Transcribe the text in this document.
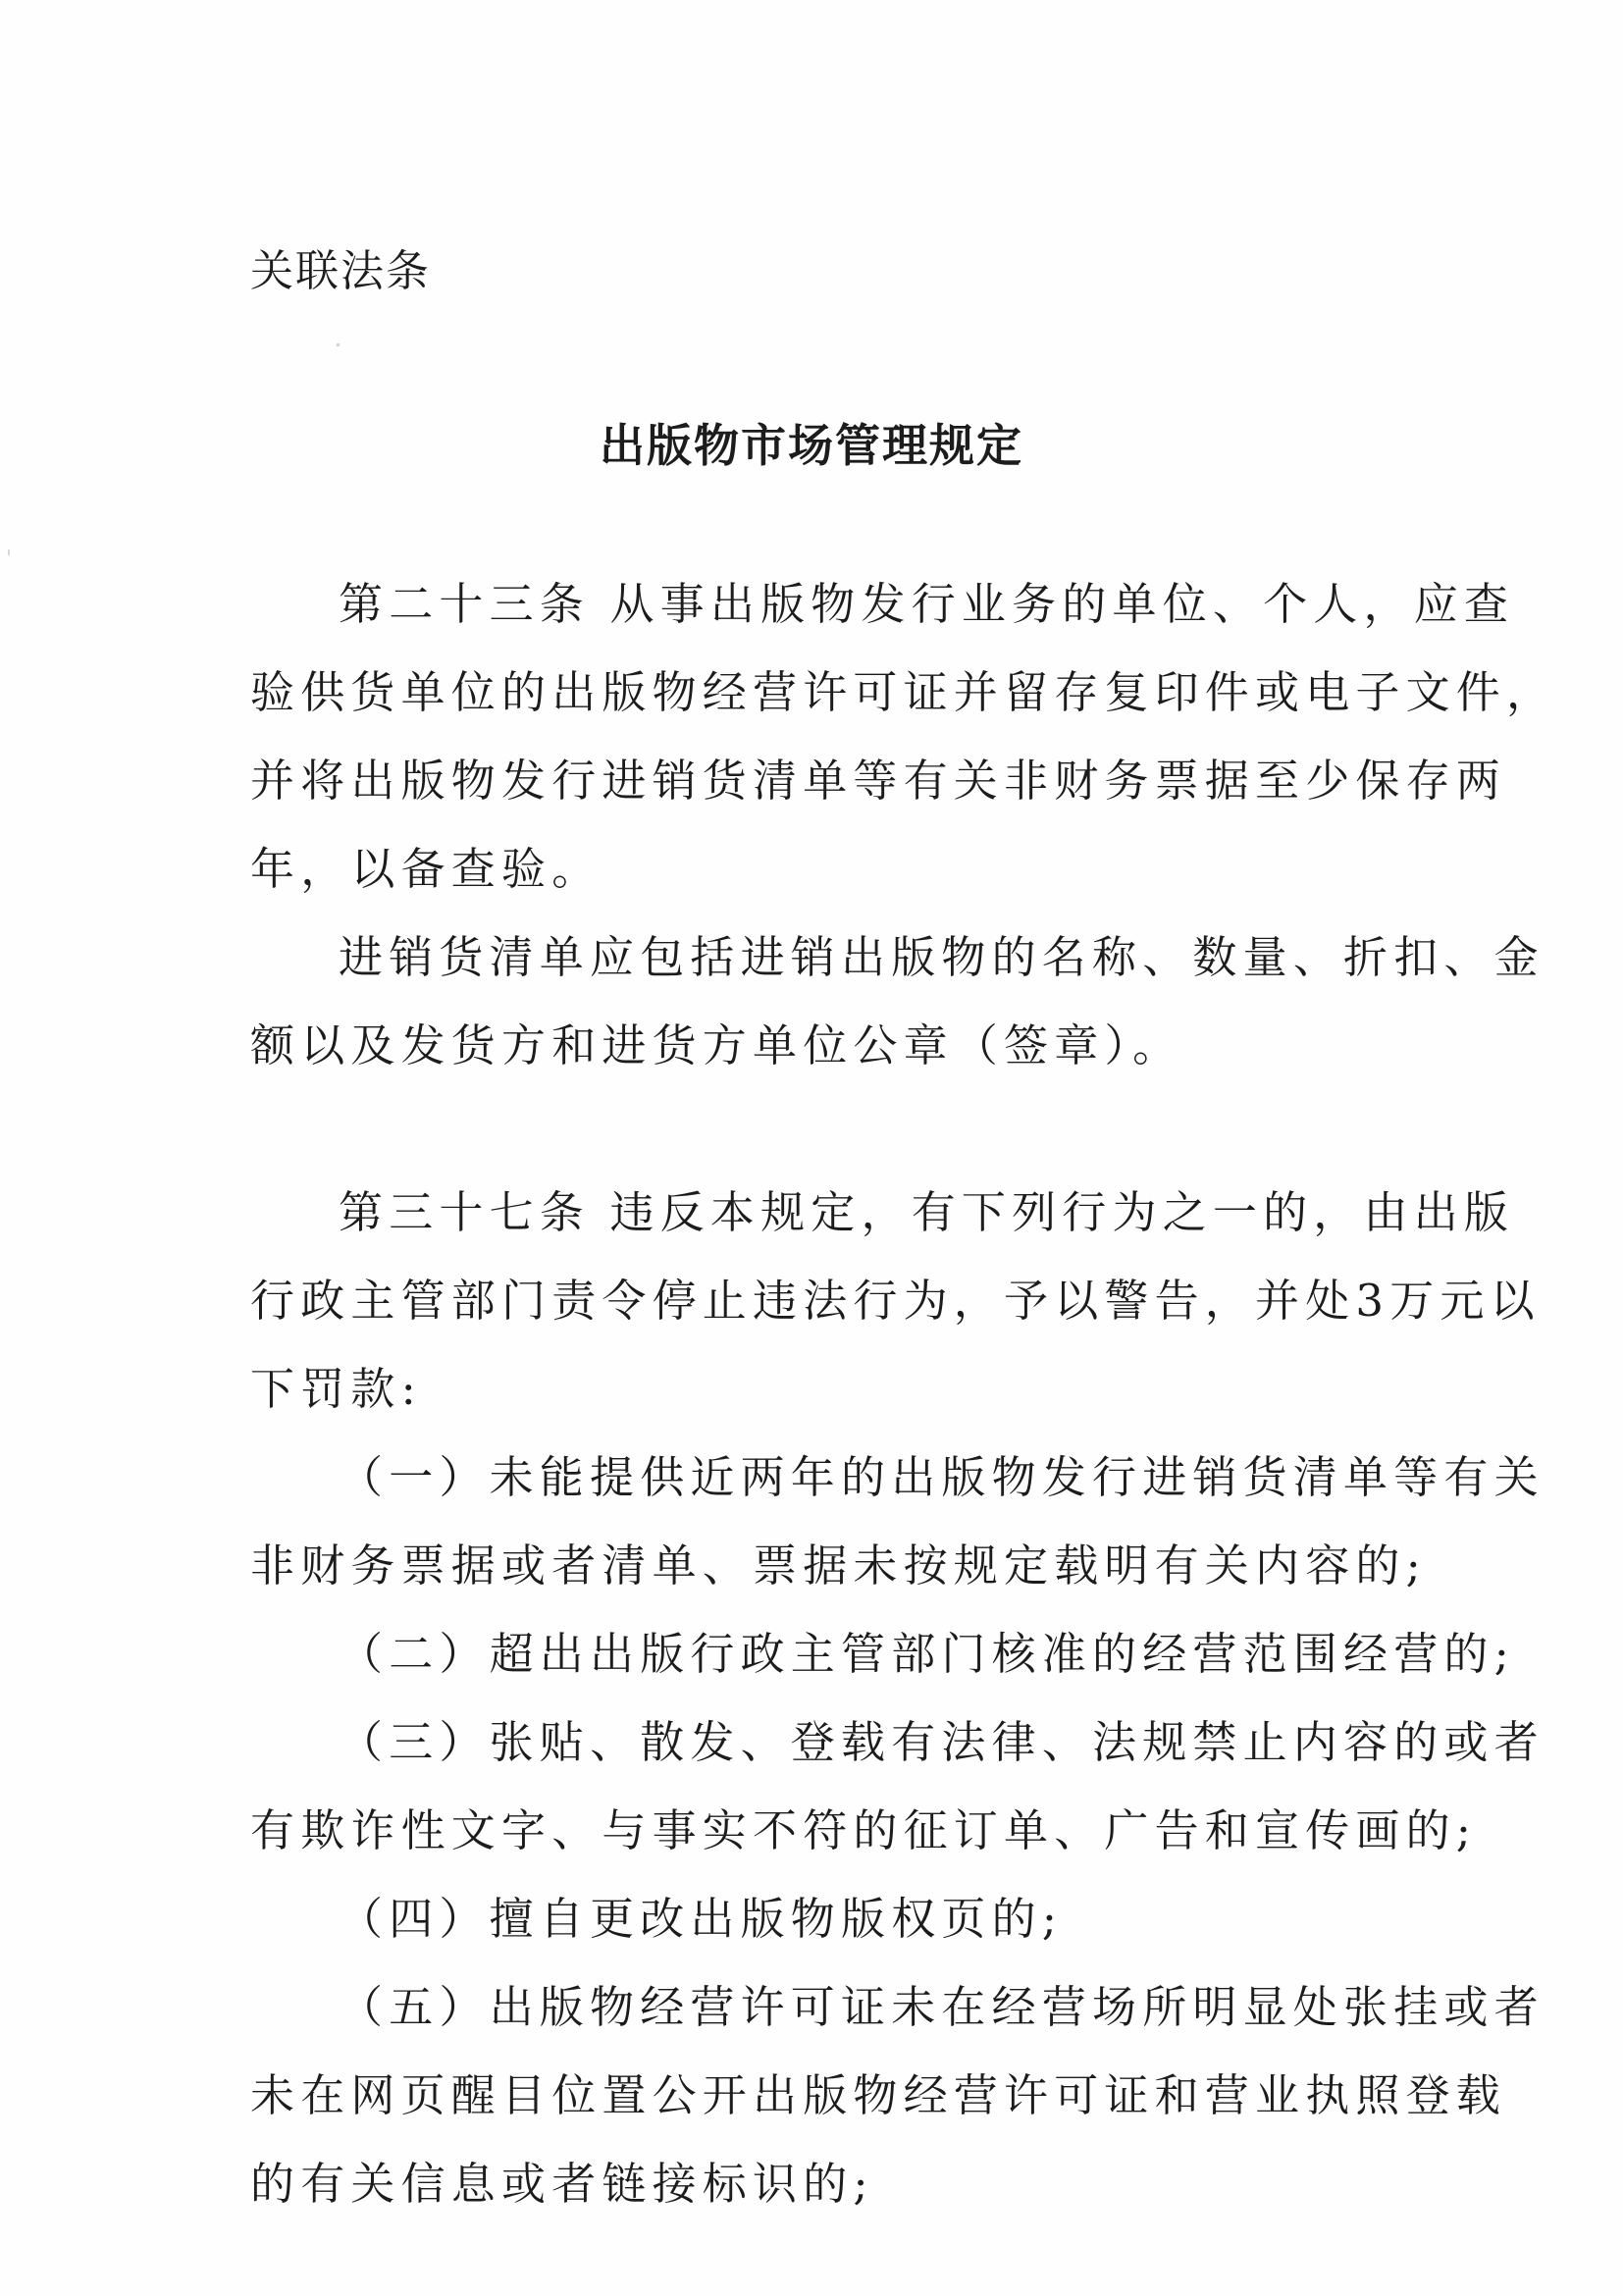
关联法条
出版物市场管理规定
第二十三条 从事出版物发行业务的单位、个人，应查
验供货单位的出版物经营许可证并留存复印件或电子文件，
并将出版物发行进销货清单等有关非财务票据至少保存两
年，以备查验。
进销货清单应包括进销出版物的名称、数量、折扣、金
额以及发货方和进货方单位公章（签章）。
第三十七条 违反本规定，有下列行为之一的，由出版
行政主管部门责令停止违法行为，予以警告，并处3万元以
下罚款:
（一）未能提供近两年的出版物发行进销货清单等有关
非财务票据或者清单、票据未按规定载明有关内容的;
（二）超出出版行政主管部门核准的经营范围经营的;
（三）张贴、散发、登载有法律、法规禁止内容的或者
有欺诈性文字、与事实不符的征订单、广告和宣传画的;
（四）擅自更改出版物版权页的;
（五）出版物经营许可证未在经营场所明显处张挂或者
未在网页醒目位置公开出版物经营许可证和营业执照登载
的有关信息或者链接标识的;
